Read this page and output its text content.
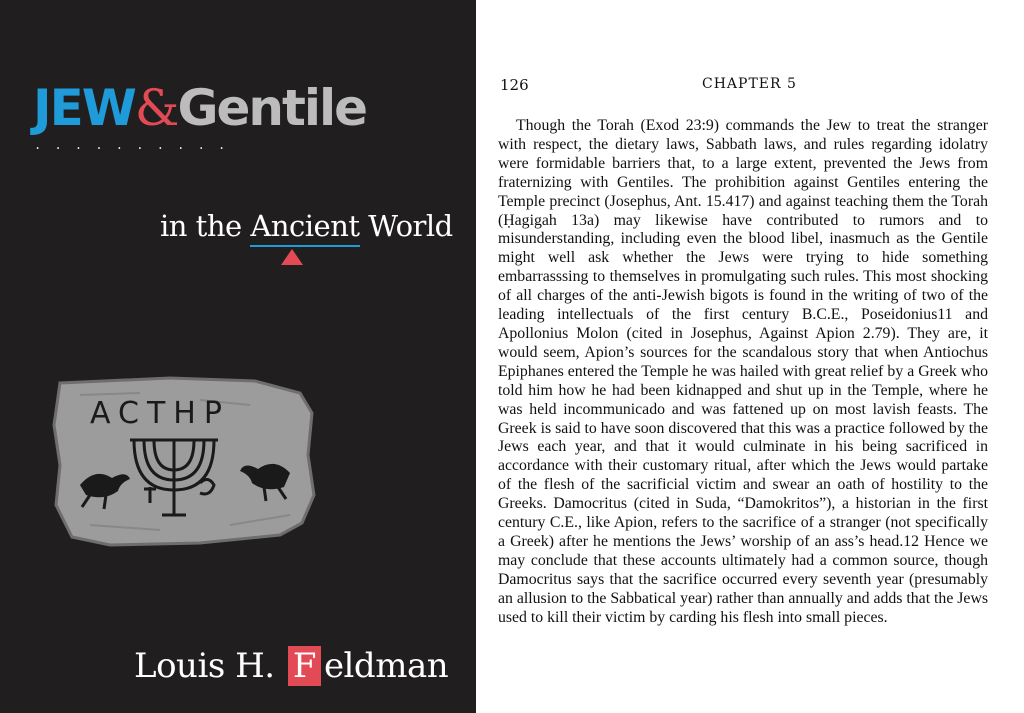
JEW&Gentile
. . . . . . . . . .
in the Ancient World
ACTHP
Louis H. F eldman
126	CHAPTER 5

Though the Torah (Exod 23:9) commands the Jew to treat the stranger with respect, the dietary laws, Sabbath laws, and rules regarding idolatry were formidable barriers that, to a large extent, prevented the Jews from fraternizing with Gentiles. The prohibition against Gentiles entering the Temple precinct (Josephus, Ant. 15.417) and against teaching them the Torah (Ḥagigah 13a) may likewise have contributed to rumors and to misunderstanding, including even the blood libel, inasmuch as the Gentile might well ask whether the Jews were trying to hide something embarrasssing to themselves in promulgating such rules. This most shocking of all charges of the anti-Jewish bigots is found in the writing of two of the leading intellectuals of the first century B.C.E., Poseidonius11 and Apollonius Molon (cited in Josephus, Against Apion 2.79). They are, it would seem, Apion’s sources for the scandalous story that when Antiochus Epiphanes entered the Temple he was hailed with great relief by a Greek who told him how he had been kidnapped and shut up in the Temple, where he was held incommunicado and was fattened up on most lavish feasts. The Greek is said to have soon discovered that this was a practice followed by the Jews each year, and that it would culminate in his being sacrificed in accordance with their customary ritual, after which the Jews would partake of the flesh of the sacrificial victim and swear an oath of hostility to the Greeks. Damocritus (cited in Suda, “Damokritos”), a historian in the first century C.E., like Apion, refers to the sacrifice of a stranger (not specifically a Greek) after he mentions the Jews’ worship of an ass’s head.12 Hence we may conclude that these accounts ultimately had a common source, though Damocritus says that the sacrifice occurred every seventh year (presumably an allusion to the Sabbatical year) rather than annually and adds that the Jews used to kill their victim by carding his flesh into small pieces.
